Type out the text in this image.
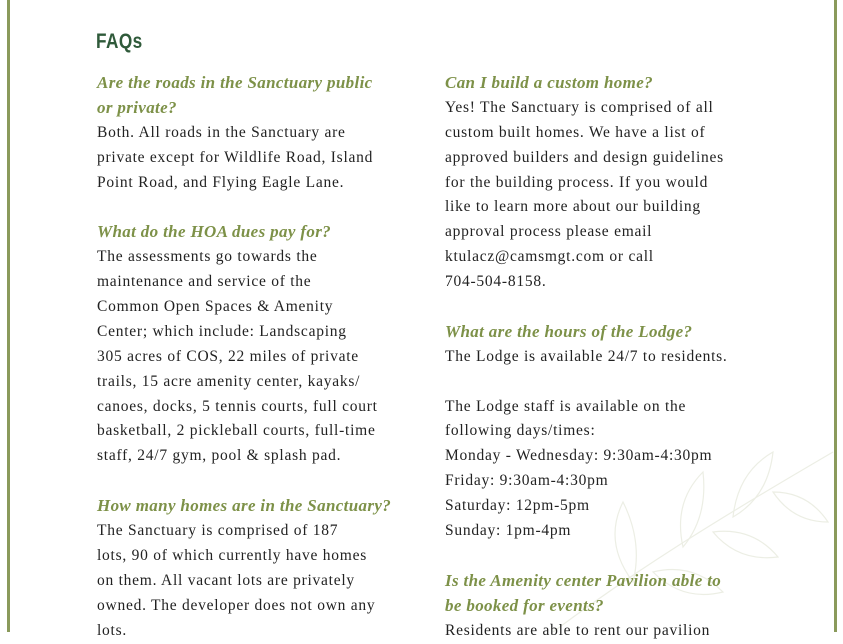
FAQs
Are the roads in the Sanctuary public
or private?
Both. All roads in the Sanctuary are
private except for Wildlife Road, Island
Point Road, and Flying Eagle Lane.
What do the HOA dues pay for?
The assessments go towards the
maintenance and service of the
Common Open Spaces & Amenity
Center; which include: Landscaping
305 acres of COS, 22 miles of private
trails, 15 acre amenity center, kayaks/
canoes, docks, 5 tennis courts, full court
basketball, 2 pickleball courts, full-time
staff, 24/7 gym, pool & splash pad.
How many homes are in the Sanctuary?
The Sanctuary is comprised of 187
lots, 90 of which currently have homes
on them. All vacant lots are privately
owned. The developer does not own any
lots.
Can I build a custom home?
Yes! The Sanctuary is comprised of all
custom built homes. We have a list of
approved builders and design guidelines
for the building process. If you would
like to learn more about our building
approval process please email
ktulacz@camsmgt.com or call
704-504-8158.
What are the hours of the Lodge?
The Lodge is available 24/7 to residents.
The Lodge staff is available on the
following days/times:
Monday - Wednesday: 9:30am-4:30pm
Friday: 9:30am-4:30pm
Saturday: 12pm-5pm
Sunday: 1pm-4pm
Is the Amenity center Pavilion able to
be booked for events?
Residents are able to rent our pavilion
